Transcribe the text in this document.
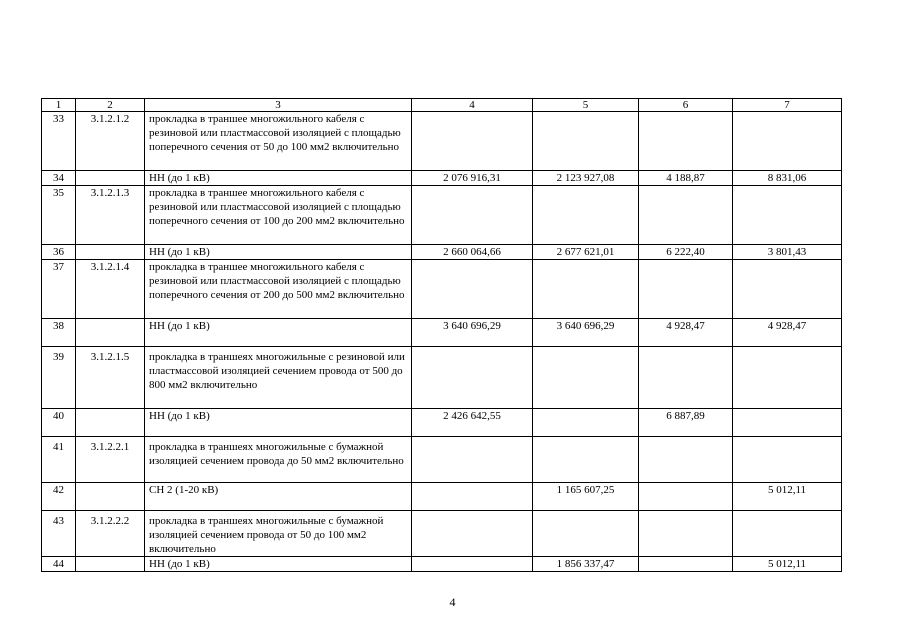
1	2	3	4	5	6	7
33	3.1.2.1.2	прокладка в траншее многожильного кабеля с резиновой или пластмассовой изоляцией с площадью поперечного сечения от 50 до 100 мм2 включительно				
34		НН (до 1 кВ)	2 076 916,31	2 123 927,08	4 188,87	8 831,06
35	3.1.2.1.3	прокладка в траншее многожильного кабеля с резиновой или пластмассовой изоляцией с площадью поперечного сечения от 100 до 200 мм2 включительно				
36		НН (до 1 кВ)	2 660 064,66	2 677 621,01	6 222,40	3 801,43
37	3.1.2.1.4	прокладка в траншее многожильного кабеля с резиновой или пластмассовой изоляцией с площадью поперечного сечения от 200 до 500 мм2 включительно				
38		НН (до 1 кВ)	3 640 696,29	3 640 696,29	4 928,47	4 928,47
39	3.1.2.1.5	прокладка в траншеях многожильные с резиновой или пластмассовой изоляцией сечением провода от 500 до 800 мм2 включительно				
40		НН (до 1 кВ)	2 426 642,55		6 887,89	
41	3.1.2.2.1	прокладка в траншеях многожильные с бумажной изоляцией сечением провода до 50 мм2 включительно				
42		СН 2 (1-20 кВ)		1 165 607,25		5 012,11
43	3.1.2.2.2	прокладка в траншеях многожильные с бумажной изоляцией сечением провода от 50 до 100 мм2 включительно				
44		НН (до 1 кВ)		1 856 337,47		5 012,11
4
